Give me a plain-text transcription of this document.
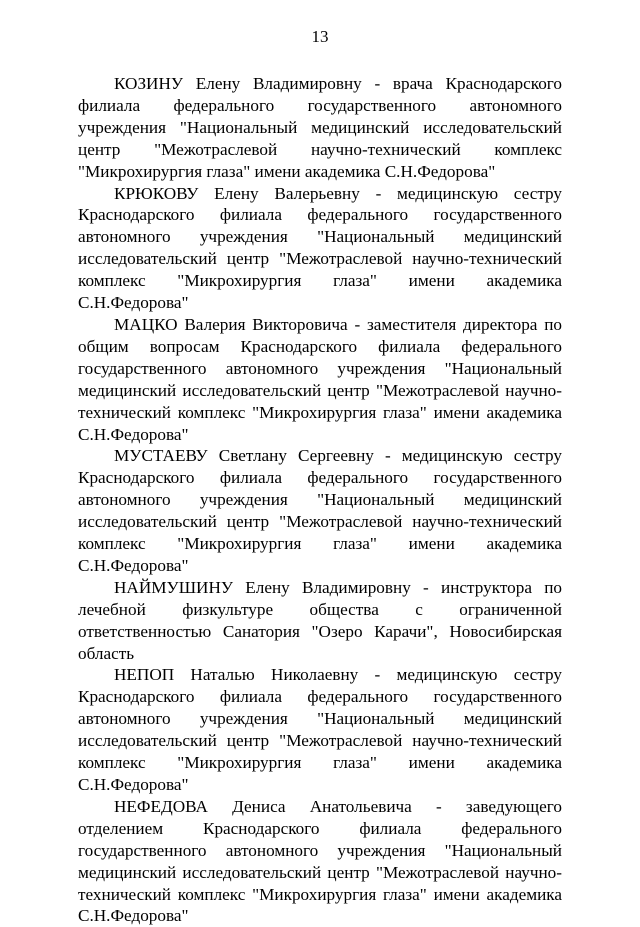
13

КОЗИНУ Елену Владимировну - врача Краснодарского филиала федерального государственного автономного учреждения "Национальный медицинский исследовательский центр "Межотраслевой научно-технический комплекс "Микрохирургия глаза" имени академика С.Н.Федорова"

КРЮКОВУ Елену Валерьевну - медицинскую сестру Краснодарского филиала федерального государственного автономного учреждения "Национальный медицинский исследовательский центр "Межотраслевой научно-технический комплекс "Микрохирургия глаза" имени академика С.Н.Федорова"

МАЦКО Валерия Викторовича - заместителя директора по общим вопросам Краснодарского филиала федерального государственного автономного учреждения "Национальный медицинский исследовательский центр "Межотраслевой научно-технический комплекс "Микрохирургия глаза" имени академика С.Н.Федорова"

МУСТАЕВУ Светлану Сергеевну - медицинскую сестру Краснодарского филиала федерального государственного автономного учреждения "Национальный медицинский исследовательский центр "Межотраслевой научно-технический комплекс "Микрохирургия глаза" имени академика С.Н.Федорова"

НАЙМУШИНУ Елену Владимировну - инструктора по лечебной физкультуре общества с ограниченной ответственностью Санатория "Озеро Карачи", Новосибирская область

НЕПОП Наталью Николаевну - медицинскую сестру Краснодарского филиала федерального государственного автономного учреждения "Национальный медицинский исследовательский центр "Межотраслевой научно-технический комплекс "Микрохирургия глаза" имени академика С.Н.Федорова"

НЕФЕДОВА Дениса Анатольевича - заведующего отделением Краснодарского филиала федерального государственного автономного учреждения "Национальный медицинский исследовательский центр "Межотраслевой научно-технический комплекс "Микрохирургия глаза" имени академика С.Н.Федорова"
